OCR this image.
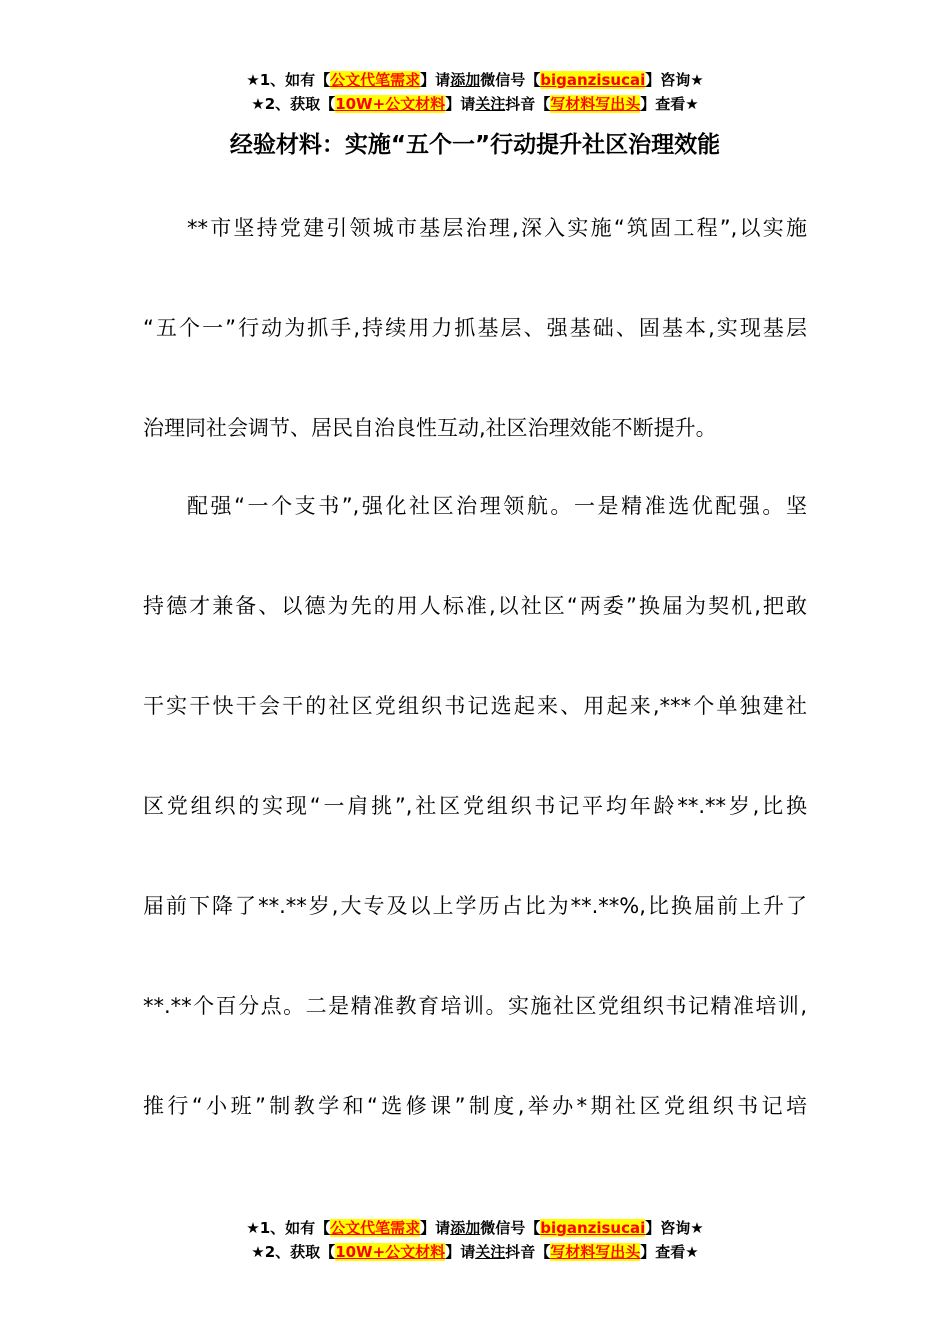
★1、如有【公文代笔需求】请添加微信号【biganzisucai】咨询★
★2、获取【10W+公文材料】请关注抖音【写材料写出头】查看★
经验材料：实施“五个一”行动提升社区治理效能
**市坚持党建引领城市基层治理,深入实施“筑固工程”,以实施
“五个一”行动为抓手,持续用力抓基层、强基础、固基本,实现基层
治理同社会调节、居民自治良性互动,社区治理效能不断提升。
配强“一个支书”,强化社区治理领航。一是精准选优配强。坚
持德才兼备、以德为先的用人标准,以社区“两委”换届为契机,把敢
干实干快干会干的社区党组织书记选起来、用起来,***个单独建社
区党组织的实现“一肩挑”,社区党组织书记平均年龄**.**岁,比换
届前下降了**.**岁,大专及以上学历占比为**.**%,比换届前上升了
**.**个百分点。二是精准教育培训。实施社区党组织书记精准培训,
推行“小班”制教学和“选修课”制度,举办*期社区党组织书记培
★1、如有【公文代笔需求】请添加微信号【biganzisucai】咨询★
★2、获取【10W+公文材料】请关注抖音【写材料写出头】查看★
